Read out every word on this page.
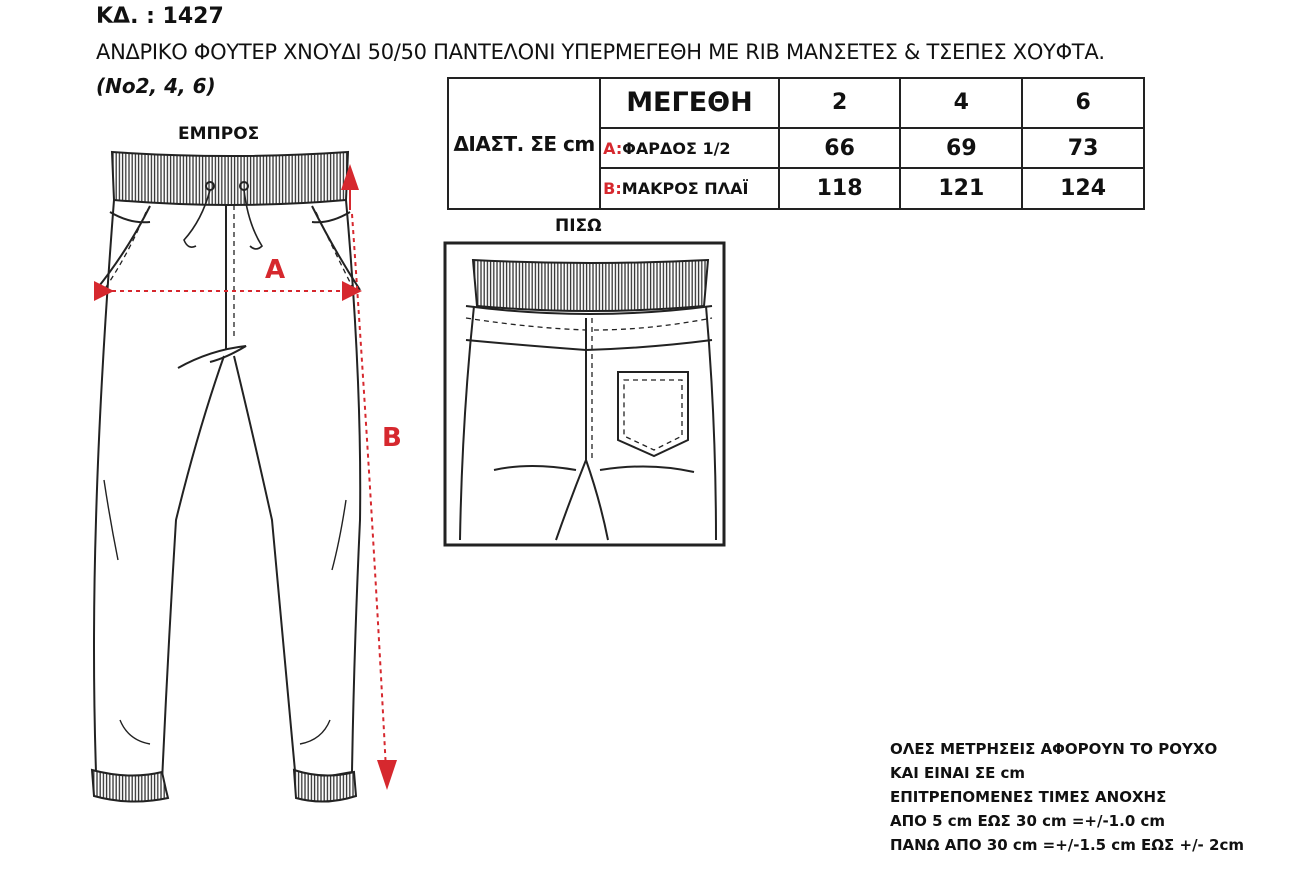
ΚΔ. : 1427
ΑΝΔΡΙΚΟ ΦΟΥΤΕΡ ΧΝΟΥΔΙ 50/50 ΠΑΝΤΕΛΟΝΙ ΥΠΕΡΜΕΓΕΘΗ ΜΕ RIB ΜΑΝΣΕΤΕΣ & ΤΣΕΠΕΣ ΧΟΥΦΤΑ.
(No2, 4, 6)
ΕΜΠΡΟΣ
ΠΙΣΩ
ΔΙΑΣΤ. ΣΕ cm	ΜΕΓΕΘΗ	2	4	6
	A:ΦΑΡΔΟΣ 1/2	66	69	73
	B:ΜΑΚΡΟΣ ΠΛΑΪ	118	121	124
A
B
ΟΛΕΣ ΜΕΤΡΗΣΕΙΣ ΑΦΟΡΟΥΝ ΤΟ ΡΟΥΧΟ
ΚΑΙ ΕΙΝΑΙ ΣΕ cm
ΕΠΙΤΡΕΠΟΜΕΝΕΣ ΤΙΜΕΣ ΑΝΟΧΗΣ
ΑΠΟ 5 cm ΕΩΣ 30 cm =+/-1.0 cm
ΠΑΝΩ ΑΠΟ 30 cm =+/-1.5 cm ΕΩΣ +/- 2cm
